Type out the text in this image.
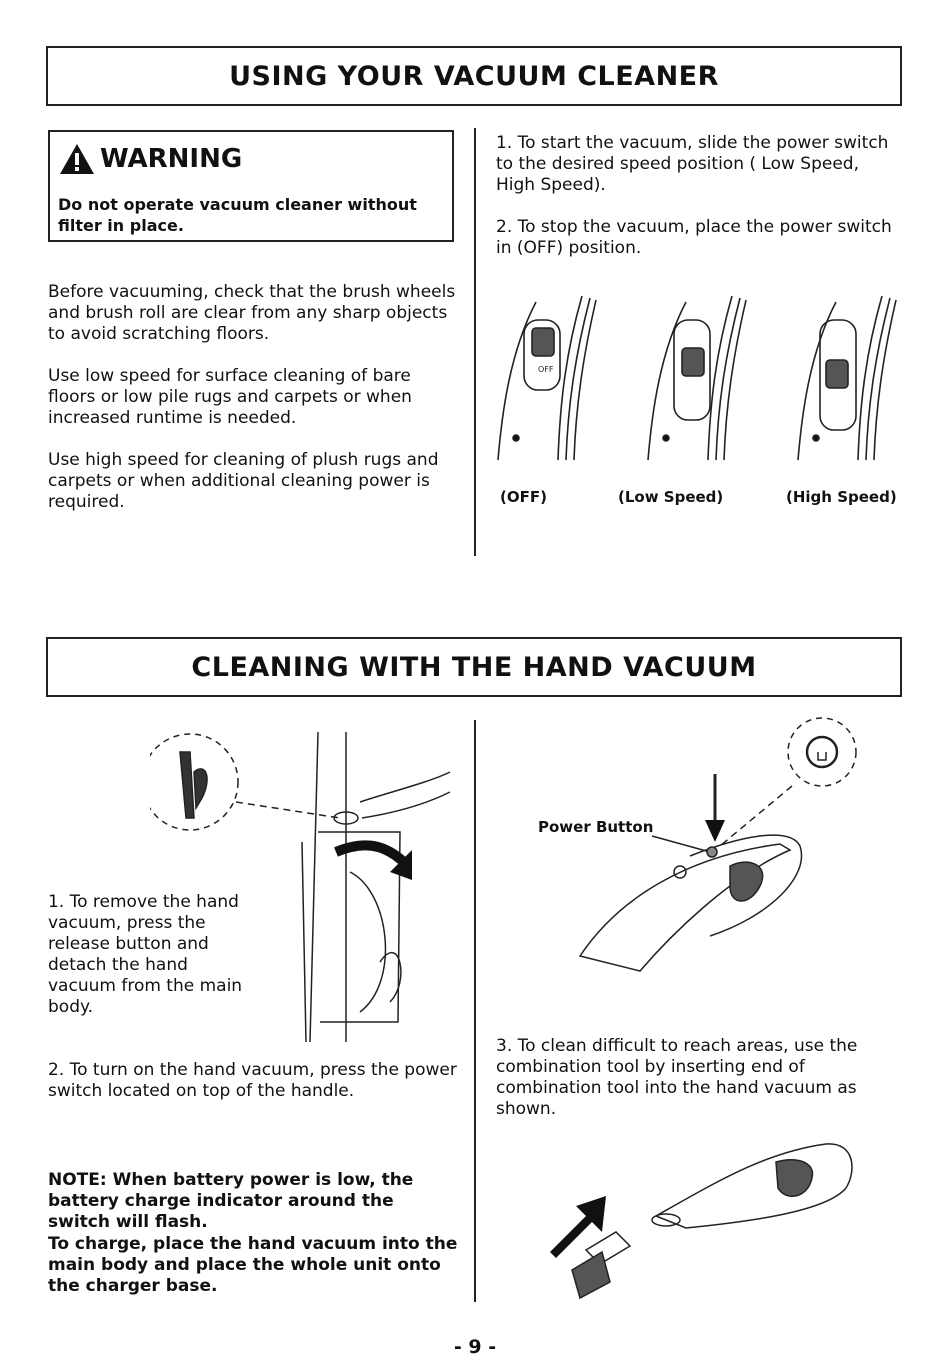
USING YOUR VACUUM CLEANER
WARNING
Do not operate vacuum cleaner without filter in place.

Before vacuuming, check that the brush wheels and brush roll are clear from any sharp objects to avoid scratching floors.

Use low speed for surface cleaning of bare floors or low pile rugs and carpets or when increased runtime is needed.

Use high speed for cleaning of plush rugs and carpets or when additional cleaning power is required.

1. To start the vacuum, slide the power switch to the desired speed position ( Low Speed, High Speed).

2. To stop the vacuum, place the power switch in (OFF) position.

OFF
(OFF)	(Low Speed)	(High Speed)
CLEANING WITH THE HAND VACUUM

1. To remove the hand vacuum, press the release button and detach the hand vacuum from the main body.

2. To turn on the hand vacuum, press the power switch located on top of the handle.

NOTE: When battery power is low, the battery charge indicator around the switch will flash.

To charge, place the hand vacuum into the main body and place the whole unit onto the charger base.

Power Button

3. To clean difficult to reach areas, use the combination tool by inserting end of combination tool into the hand vacuum as shown.

- 9 -
